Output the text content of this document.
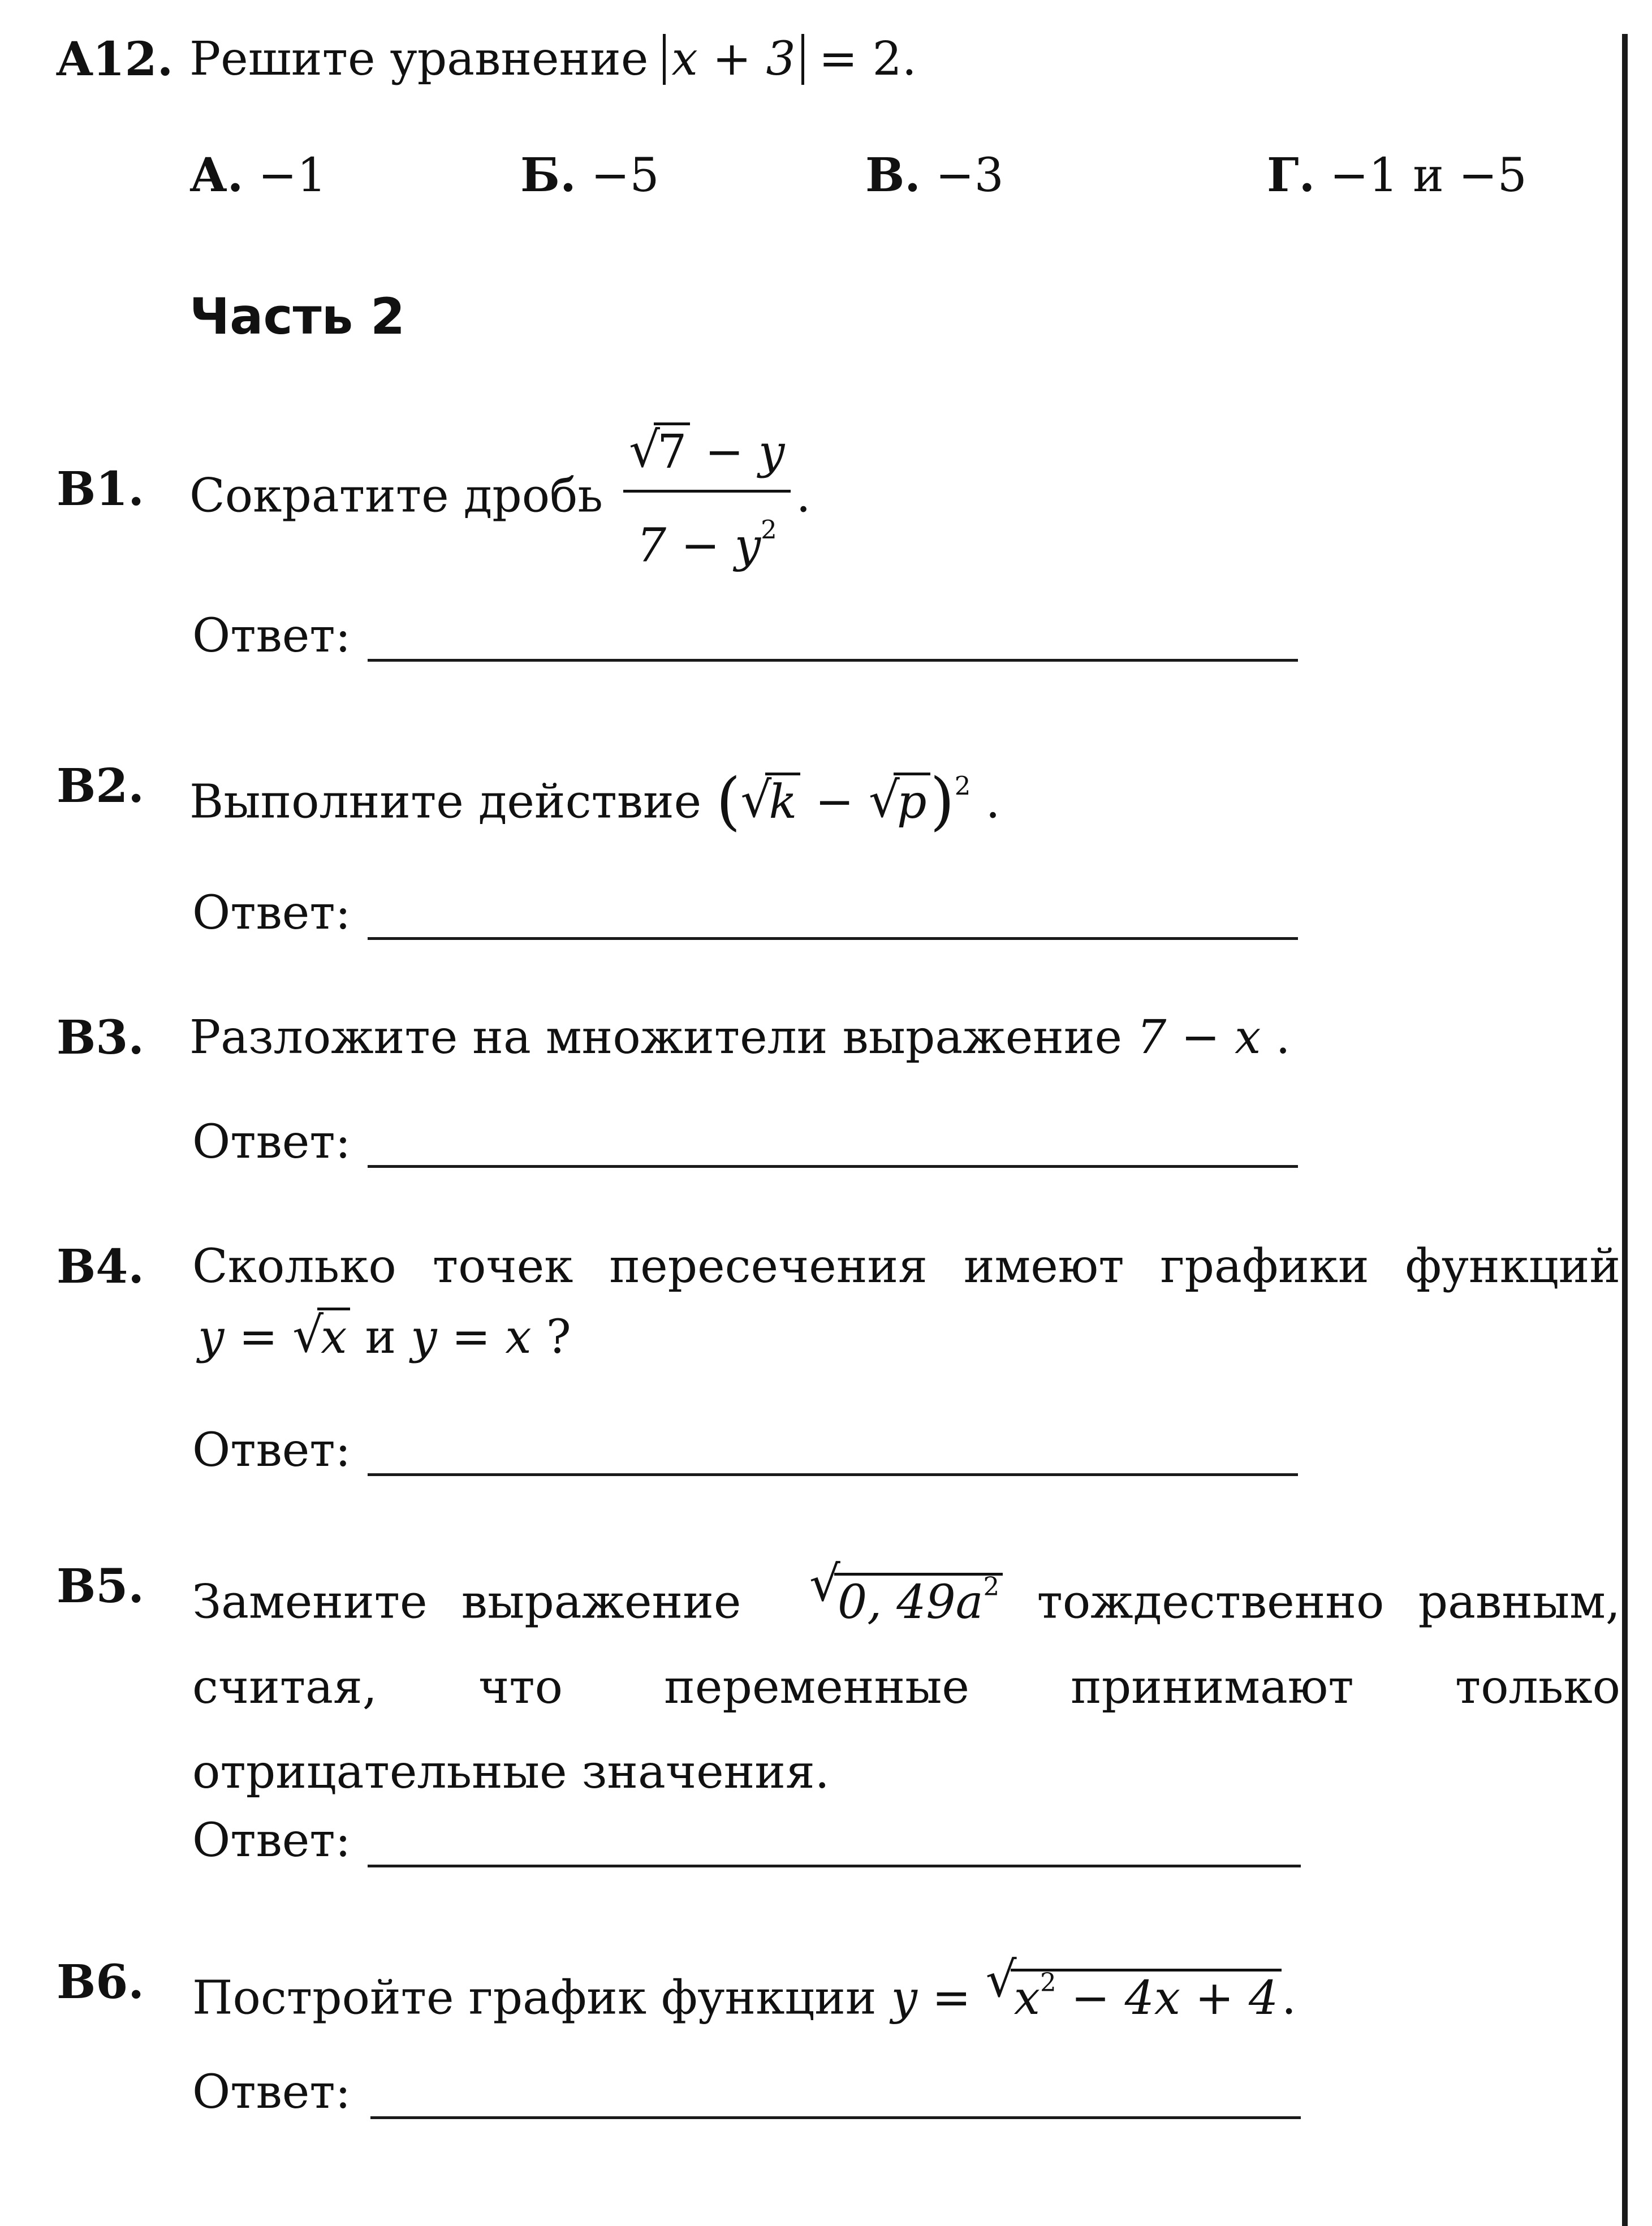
A12. Решите уравнение x + 3 = 2.
А. −1	Б. −5	В. −3	Г. −1 и −5
Часть 2
B1. Сократите дробь √ $\frac{7 - y}{7 - y^2}$ .
Ответ:
B2. Выполните действие ( √ k − √ p)$^2$ .
Ответ:
B3. Разложите на множители выражение 7 − x .
Ответ:
B4. Сколько точек пересечения имеют графики функций
y = √ x и y = x ?
Ответ:
B5. Замените выражение √ 0, $49a^2$ тождественно равным, считая, что переменные принимают только отрицательные значения.
Ответ:
B6. Постройте график функции y = √ $x^2 - 4x + 4$.
Ответ:
